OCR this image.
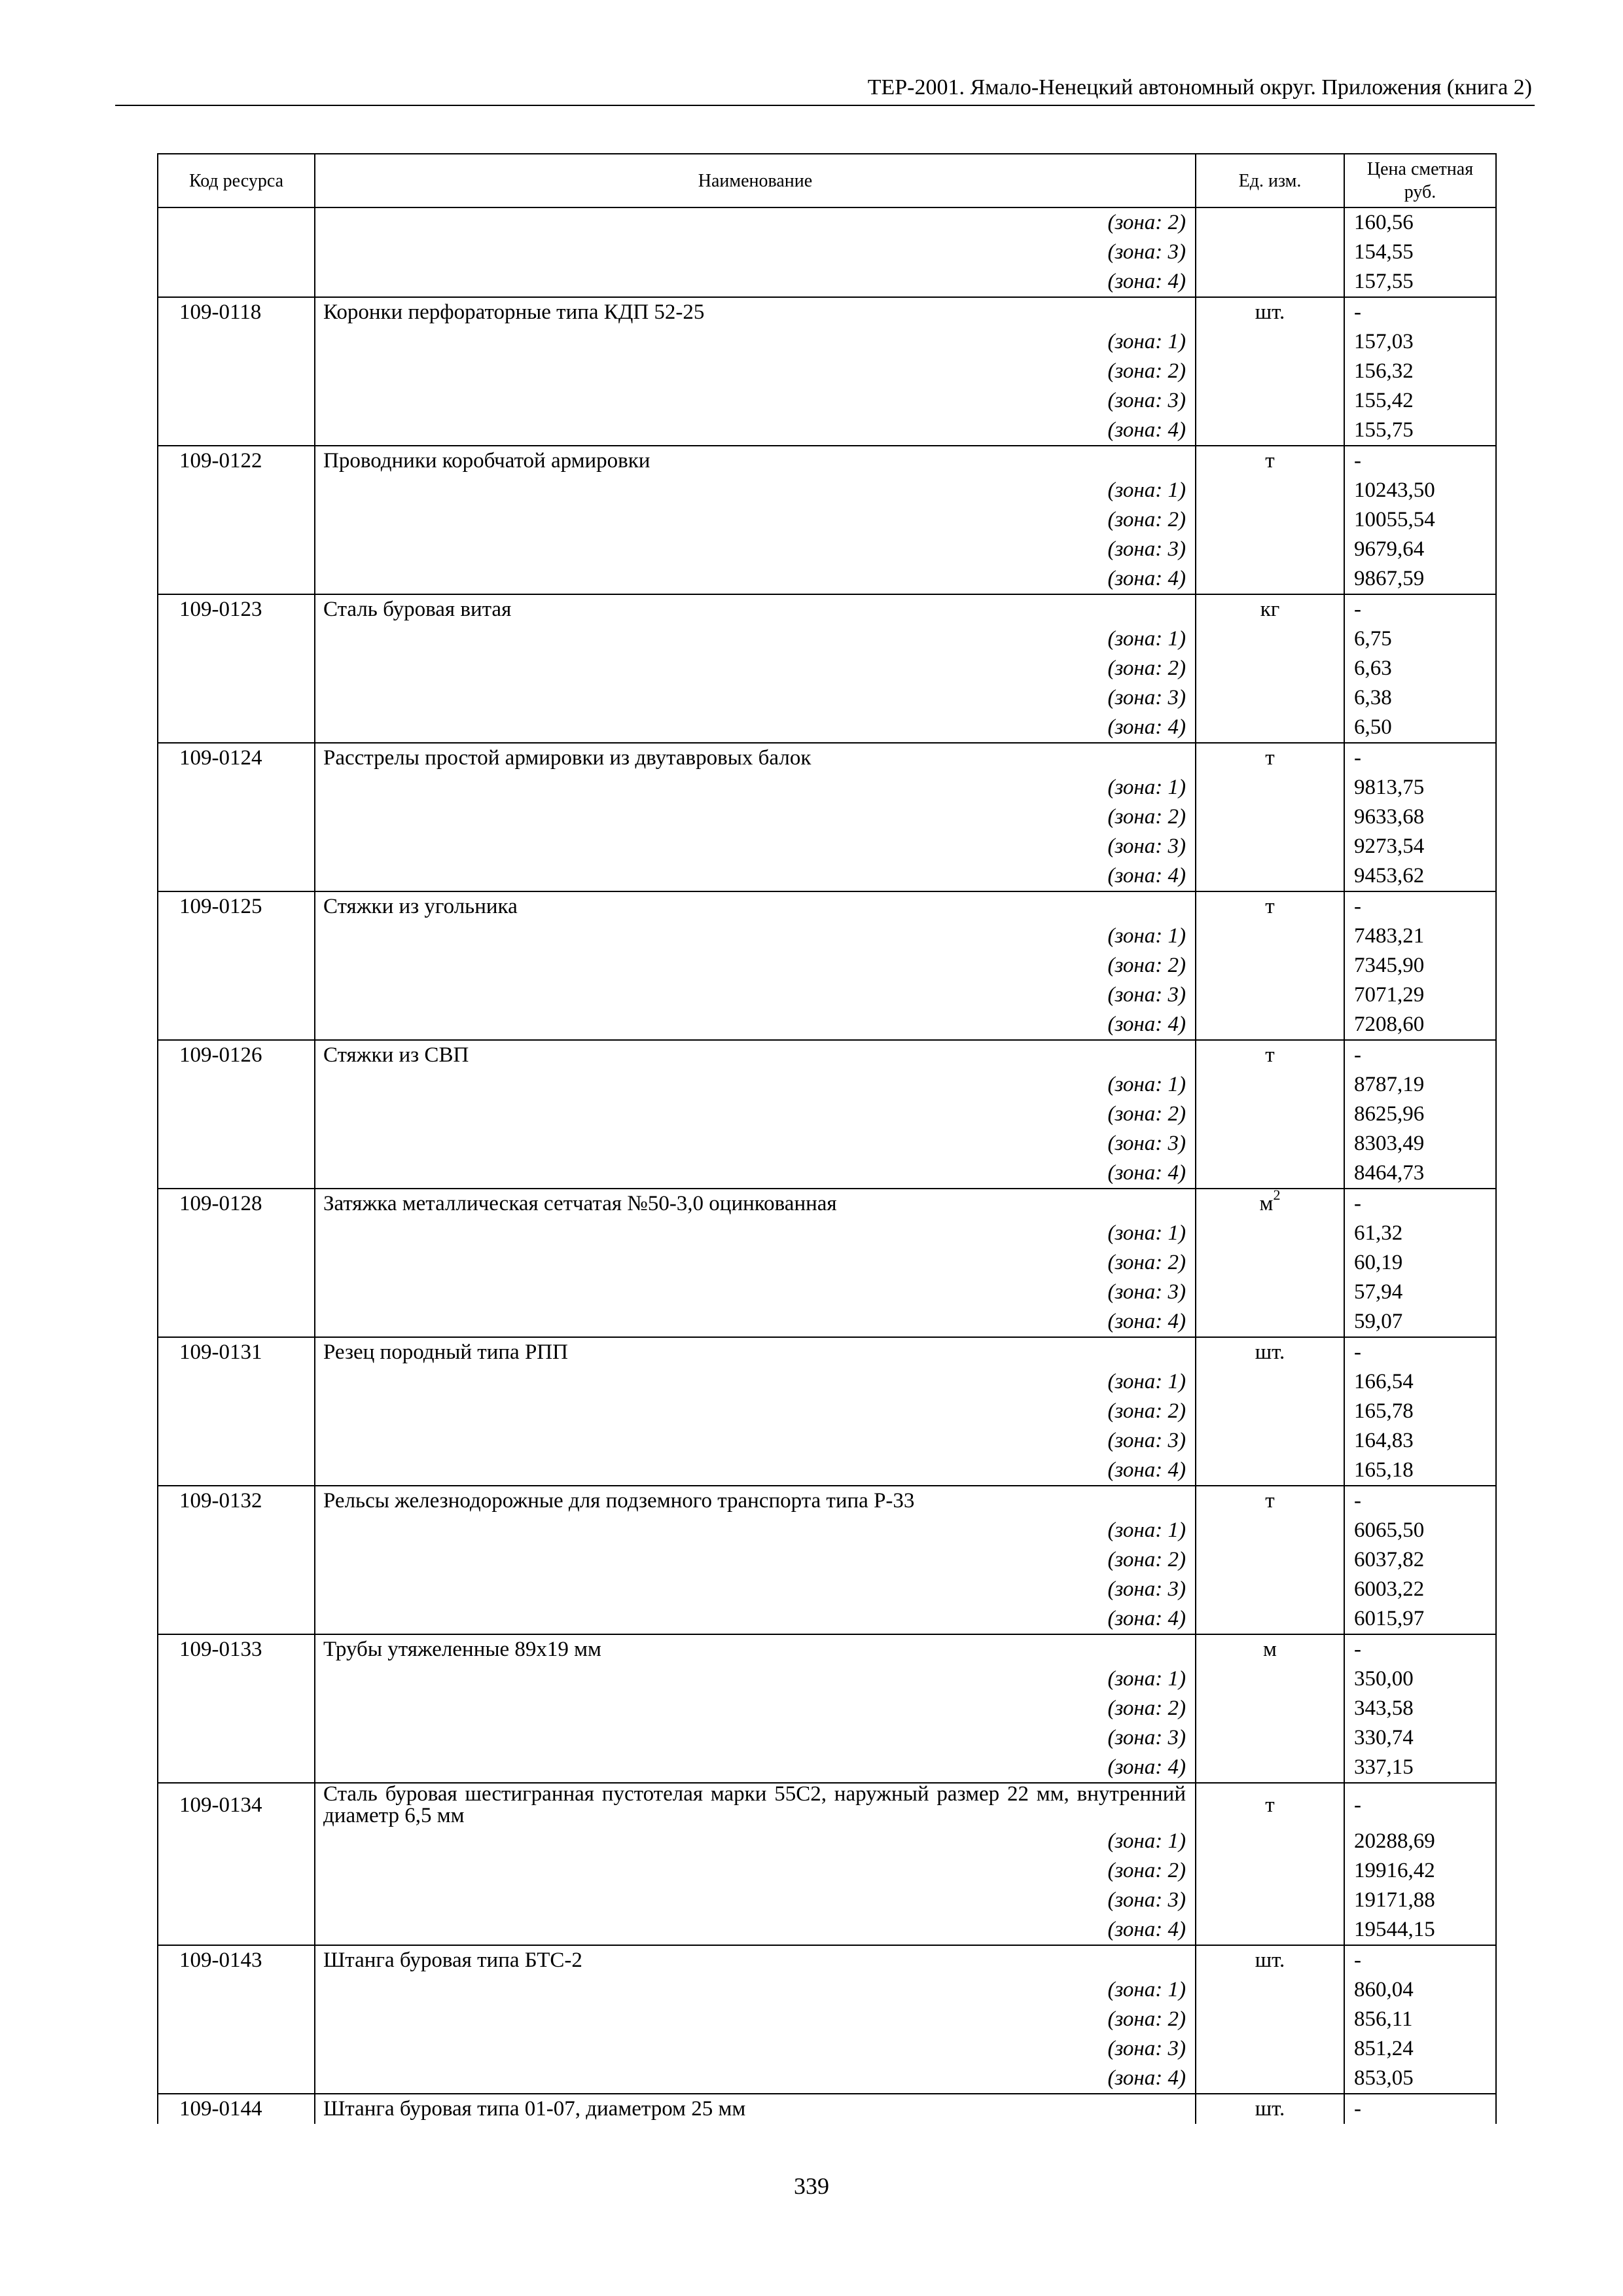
ТЕР-2001. Ямало-Ненецкий автономный округ. Приложения (книга 2)
Код ресурса	Наименование	Ед. изм.	Цена сметная руб.
	(зона: 2)		160,56
	(зона: 3)		154,55
	(зона: 4)		157,55
109-0118	Коронки перфораторные типа КДП 52-25	шт.	-
	(зона: 1)		157,03
	(зона: 2)		156,32
	(зона: 3)		155,42
	(зона: 4)		155,75
109-0122	Проводники коробчатой армировки	т	-
	(зона: 1)		10243,50
	(зона: 2)		10055,54
	(зона: 3)		9679,64
	(зона: 4)		9867,59
109-0123	Сталь буровая витая	кг	-
	(зона: 1)		6,75
	(зона: 2)		6,63
	(зона: 3)		6,38
	(зона: 4)		6,50
109-0124	Расстрелы простой армировки из двутавровых балок	т	-
	(зона: 1)		9813,75
	(зона: 2)		9633,68
	(зона: 3)		9273,54
	(зона: 4)		9453,62
109-0125	Стяжки из угольника	т	-
	(зона: 1)		7483,21
	(зона: 2)		7345,90
	(зона: 3)		7071,29
	(зона: 4)		7208,60
109-0126	Стяжки из СВП	т	-
	(зона: 1)		8787,19
	(зона: 2)		8625,96
	(зона: 3)		8303,49
	(зона: 4)		8464,73
109-0128	Затяжка металлическая сетчатая №50-3,0 оцинкованная	$м^2$	-
	(зона: 1)		61,32
	(зона: 2)		60,19
	(зона: 3)		57,94
	(зона: 4)		59,07
109-0131	Резец породный типа РПП	шт.	-
	(зона: 1)		166,54
	(зона: 2)		165,78
	(зона: 3)		164,83
	(зона: 4)		165,18
109-0132	Рельсы железнодорожные для подземного транспорта типа Р-33	т	-
	(зона: 1)		6065,50
	(зона: 2)		6037,82
	(зона: 3)		6003,22
	(зона: 4)		6015,97
109-0133	Трубы утяжеленные 89х19 мм	м	-
	(зона: 1)		350,00
	(зона: 2)		343,58
	(зона: 3)		330,74
	(зона: 4)		337,15
109-0134	Сталь буровая шестигранная пустотелая марки 55С2, наружный размер 22 мм, внутренний диаметр 6,5 мм	т	-
	(зона: 1)		20288,69
	(зона: 2)		19916,42
	(зона: 3)		19171,88
	(зона: 4)		19544,15
109-0143	Штанга буровая типа БТС-2	шт.	-
	(зона: 1)		860,04
	(зона: 2)		856,11
	(зона: 3)		851,24
	(зона: 4)		853,05
109-0144	Штанга буровая типа 01-07, диаметром 25 мм	шт.	-
339
